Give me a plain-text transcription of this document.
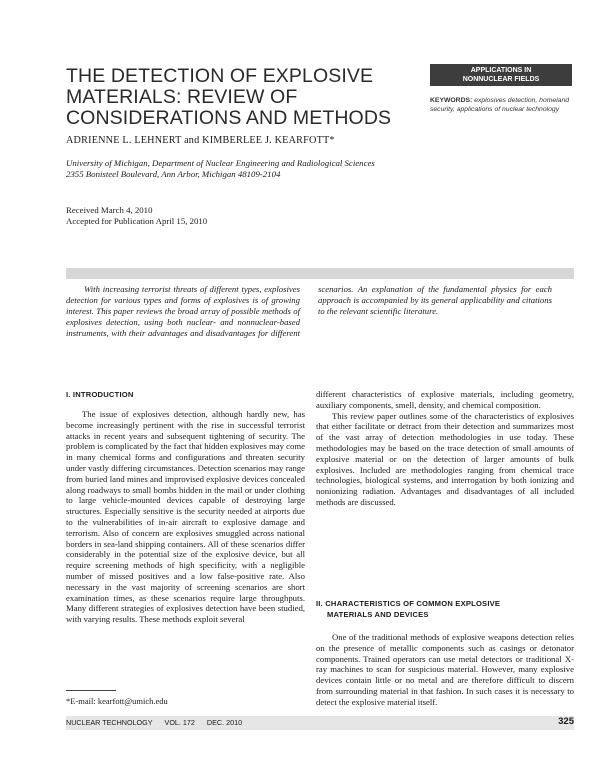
THE DETECTION OF EXPLOSIVE
MATERIALS: REVIEW OF
CONSIDERATIONS AND METHODS
APPLICATIONS IN
NONNUCLEAR FIELDS
KEYWORDS: explosives detection, homeland security, applications of nuclear technology
ADRIENNE L. LEHNERT and KIMBERLEE J. KEARFOTT*
University of Michigan, Department of Nuclear Engineering and Radiological Sciences
2355 Bonisteel Boulevard, Ann Arbor, Michigan 48109-2104
Received March 4, 2010
Accepted for Publication April 15, 2010
With increasing terrorist threats of different types, explosives detection for various types and forms of explosives is of growing interest. This paper reviews the broad array of possible methods of explosives detection, using both nuclear- and nonnuclear-based instruments, with their advantages and disadvantages for different scenarios. An explanation of the fundamental physics for each approach is accompanied by its general applicability and citations to the relevant scientific literature.
I. INTRODUCTION

The issue of explosives detection, although hardly new, has become increasingly pertinent with the rise in successful terrorist attacks in recent years and subsequent tightening of security. The problem is complicated by the fact that hidden explosives may come in many chemical forms and configurations and threaten security under vastly differing circumstances. Detection scenarios may range from buried land mines and improvised explosive devices concealed along roadways to small bombs hidden in the mail or under clothing to large vehicle-mounted devices capable of destroying large structures. Especially sensitive is the security needed at airports due to the vulnerabilities of in-air aircraft to explosive damage and terrorism. Also of concern are explosives smuggled across national borders in sea-land shipping containers. All of these scenarios differ considerably in the potential size of the explosive device, but all require screening methods of high specificity, with a negligible number of missed positives and a low false-positive rate. Also necessary in the vast majority of screening scenarios are short examination times, as these scenarios require large throughputs. Many different strategies of explosives detection have been studied, with varying results. These methods exploit several

different characteristics of explosive materials, including geometry, auxiliary components, smell, density, and chemical composition.

This review paper outlines some of the characteristics of explosives that either facilitate or detract from their detection and summarizes most of the vast array of detection methodologies in use today. These methodologies may be based on the trace detection of small amounts of explosive material or on the detection of larger amounts of bulk explosives. Included are methodologies ranging from chemical trace technologies, biological systems, and interrogation by both ionizing and nonionizing radiation. Advantages and disadvantages of all included methods are discussed.

II. CHARACTERISTICS OF COMMON EXPLOSIVE
MATERIALS AND DEVICES

One of the traditional methods of explosive weapons detection relies on the presence of metallic components such as casings or detonator components. Trained operators can use metal detectors or traditional X-ray machines to scan for suspicious material. However, many explosive devices contain little or no metal and are therefore difficult to discern from surrounding material in that fashion. In such cases it is necessary to detect the explosive material itself.

*E-mail: kearfott@umich.edu
NUCLEAR TECHNOLOGY VOL. 172 DEC. 2010	325
